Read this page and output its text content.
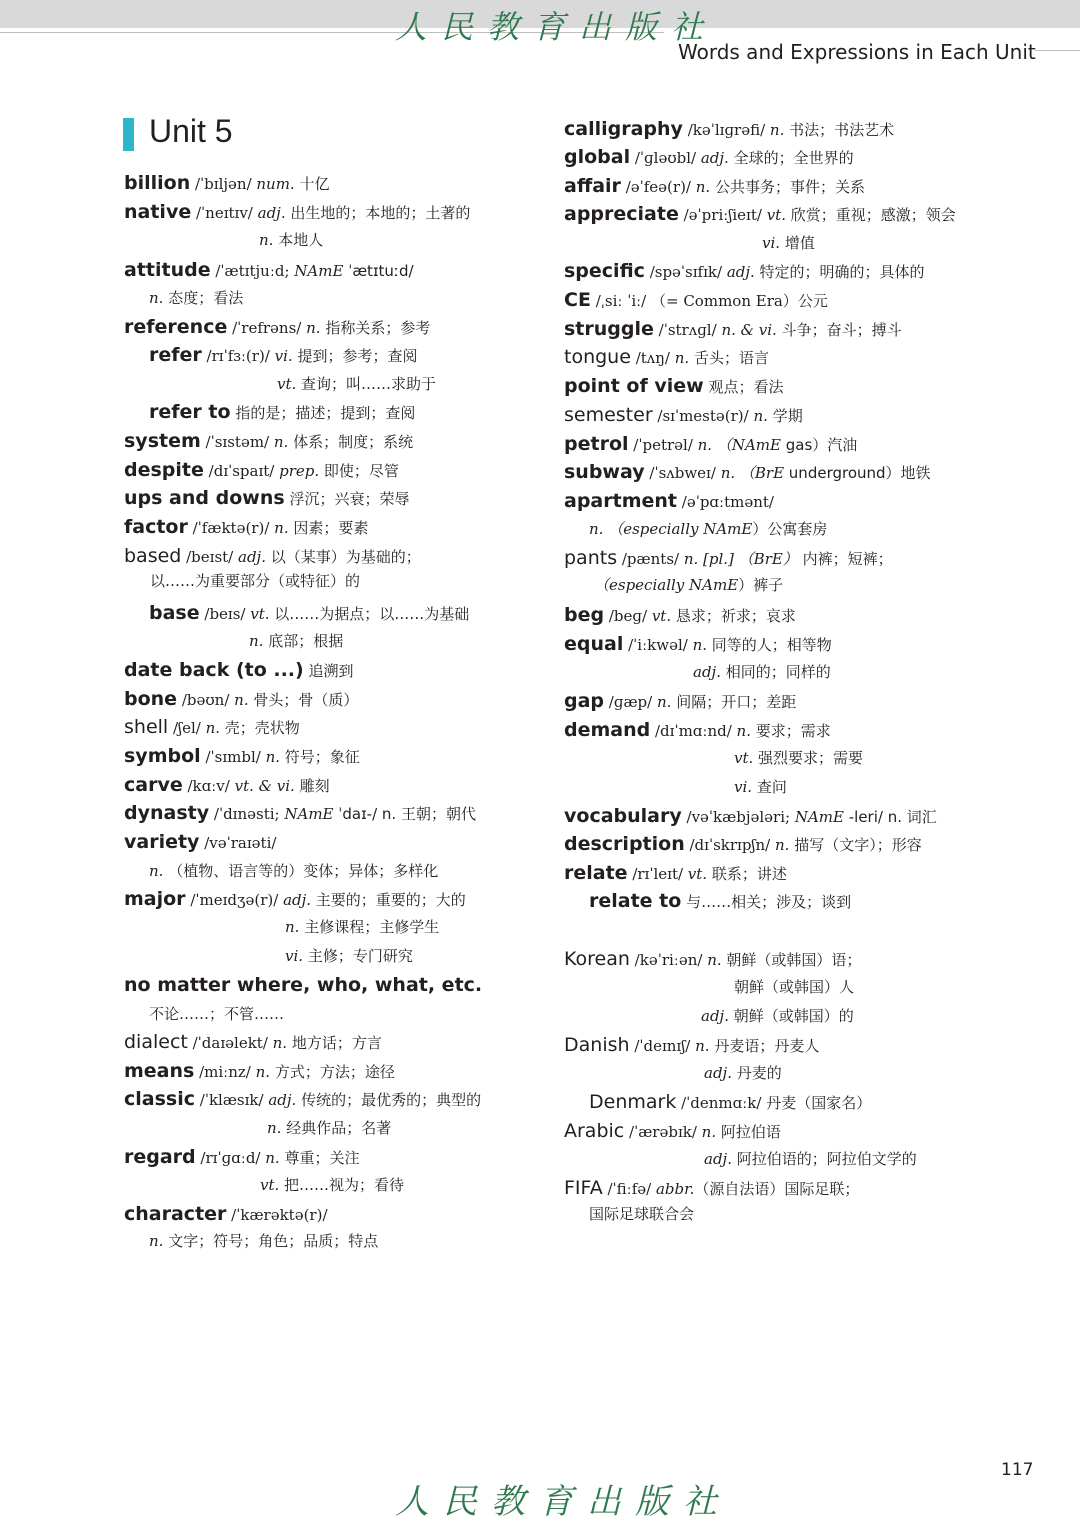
人民教育出版社
Words and Expressions in Each Unit
Unit 5
billion /ˈbɪljən/ num. 十亿
native /ˈneɪtɪv/ adj. 出生地的；本地的；土著的
n. 本地人
attitude /ˈætɪtjuːd; NAmE ˈætɪtuːd/
n. 态度；看法
reference /ˈrefrəns/ n. 指称关系；参考
refer /rɪˈfɜː(r)/ vi. 提到；参考；查阅
vt. 查询；叫……求助于
refer to 指的是；描述；提到；查阅
system /ˈsɪstəm/ n. 体系；制度；系统
despite /dɪˈspaɪt/ prep. 即使；尽管
ups and downs 浮沉；兴衰；荣辱
factor /ˈfæktə(r)/ n. 因素；要素
based /beɪst/ adj. 以（某事）为基础的；
以……为重要部分（或特征）的
base /beɪs/ vt. 以……为据点；以……为基础
n. 底部；根据
date back (to ...) 追溯到
bone /bəʊn/ n. 骨头；骨（质）
shell /ʃel/ n. 壳；壳状物
symbol /ˈsɪmbl/ n. 符号；象征
carve /kɑːv/ vt. & vi. 雕刻
dynasty /ˈdɪnəsti; NAmE ˈdaɪ-/ n. 王朝；朝代
variety /vəˈraɪəti/
n. （植物、语言等的）变体；异体；多样化
major /ˈmeɪdʒə(r)/ adj. 主要的；重要的；大的
n. 主修课程；主修学生
vi. 主修；专门研究
no matter where, who, what, etc.
不论……；不管……
dialect /ˈdaɪəlekt/ n. 地方话；方言
means /miːnz/ n. 方式；方法；途径
classic /ˈklæsɪk/ adj. 传统的；最优秀的；典型的
n. 经典作品；名著
regard /rɪˈɡɑːd/ n. 尊重；关注
vt. 把……视为；看待
character /ˈkærəktə(r)/
n. 文字；符号；角色；品质；特点
calligraphy /kəˈlɪɡrəfi/ n. 书法；书法艺术
global /ˈɡləʊbl/ adj. 全球的；全世界的
affair /əˈfeə(r)/ n. 公共事务；事件；关系
appreciate /əˈpriːʃieɪt/ vt. 欣赏；重视；感激；领会
vi. 增值
specific /spəˈsɪfɪk/ adj. 特定的；明确的；具体的
CE /ˌsiː ˈiː/ （= Common Era）公元
struggle /ˈstrʌɡl/ n. & vi. 斗争；奋斗；搏斗
tongue /tʌŋ/ n. 舌头；语言
point of view 观点；看法
semester /sɪˈmestə(r)/ n. 学期
petrol /ˈpetrəl/ n. （NAmE gas）汽油
subway /ˈsʌbweɪ/ n. （BrE underground）地铁
apartment /əˈpɑːtmənt/
n. （especially NAmE）公寓套房
pants /pænts/ n. [pl.] （BrE） 内裤；短裤；
（especially NAmE）裤子
beg /beɡ/ vt. 恳求；祈求；哀求
equal /ˈiːkwəl/ n. 同等的人；相等物
adj. 相同的；同样的
gap /ɡæp/ n. 间隔；开口；差距
demand /dɪˈmɑːnd/ n. 要求；需求
vt. 强烈要求；需要
vi. 查问
vocabulary /vəˈkæbjələri; NAmE -leri/ n. 词汇
description /dɪˈskrɪpʃn/ n. 描写（文字）；形容
relate /rɪˈleɪt/ vt. 联系；讲述
relate to 与……相关；涉及；谈到
Korean /kəˈriːən/ n. 朝鲜（或韩国）语；
朝鲜（或韩国）人
adj. 朝鲜（或韩国）的
Danish /ˈdeɪnɪʃ/ n. 丹麦语；丹麦人
adj. 丹麦的
Denmark /ˈdenmɑːk/ 丹麦（国家名）
Arabic /ˈærəbɪk/ n. 阿拉伯语
adj. 阿拉伯语的；阿拉伯文学的
FIFA /ˈfiːfə/ abbr.（源自法语）国际足联；
国际足球联合会
人民教育出版社
117
